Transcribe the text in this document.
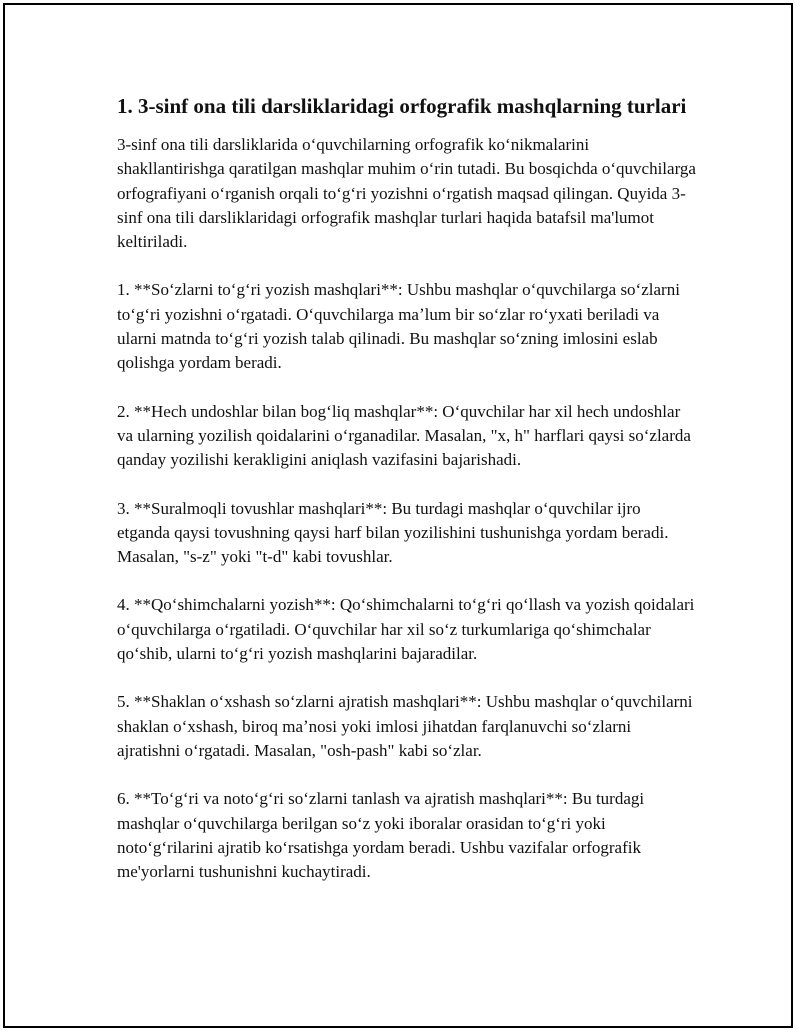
1. 3-sinf ona tili darsliklaridagi orfografik mashqlarning turlari

3-sinf ona tili darsliklarida oʻquvchilarning orfografik koʻnikmalarini shakllantirishga qaratilgan mashqlar muhim oʻrin tutadi. Bu bosqichda oʻquvchilarga orfografiyani oʻrganish orqali toʻgʻri yozishni oʻrgatish maqsad qilingan. Quyida 3-sinf ona tili darsliklaridagi orfografik mashqlar turlari haqida batafsil ma'lumot keltiriladi.

1. **Soʻzlarni toʻgʻri yozish mashqlari**: Ushbu mashqlar oʻquvchilarga soʻzlarni toʻgʻri yozishni oʻrgatadi. Oʻquvchilarga maʼlum bir soʻzlar roʻyxati beriladi va ularni matnda toʻgʻri yozish talab qilinadi. Bu mashqlar soʻzning imlosini eslab qolishga yordam beradi.

2. **Hech undoshlar bilan bogʻliq mashqlar**: Oʻquvchilar har xil hech undoshlar va ularning yozilish qoidalarini oʻrganadilar. Masalan, "x, h" harflari qaysi soʻzlarda qanday yozilishi kerakligini aniqlash vazifasini bajarishadi.

3. **Suralmoqli tovushlar mashqlari**: Bu turdagi mashqlar oʻquvchilar ijro etganda qaysi tovushning qaysi harf bilan yozilishini tushunishga yordam beradi. Masalan, "s-z" yoki "t-d" kabi tovushlar.

4. **Qoʻshimchalarni yozish**: Qoʻshimchalarni toʻgʻri qoʻllash va yozish qoidalari oʻquvchilarga oʻrgatiladi. Oʻquvchilar har xil soʻz turkumlariga qoʻshimchalar qoʻshib, ularni toʻgʻri yozish mashqlarini bajaradilar.

5. **Shaklan oʻxshash soʻzlarni ajratish mashqlari**: Ushbu mashqlar oʻquvchilarni shaklan oʻxshash, biroq maʼnosi yoki imlosi jihatdan farqlanuvchi soʻzlarni ajratishni oʻrgatadi. Masalan, "osh-pash" kabi soʻzlar.

6. **Toʻgʻri va notoʻgʻri soʻzlarni tanlash va ajratish mashqlari**: Bu turdagi mashqlar oʻquvchilarga berilgan soʻz yoki iboralar orasidan toʻgʻri yoki notoʻgʻrilarini ajratib koʻrsatishga yordam beradi. Ushbu vazifalar orfografik me'yorlarni tushunishni kuchaytiradi.
